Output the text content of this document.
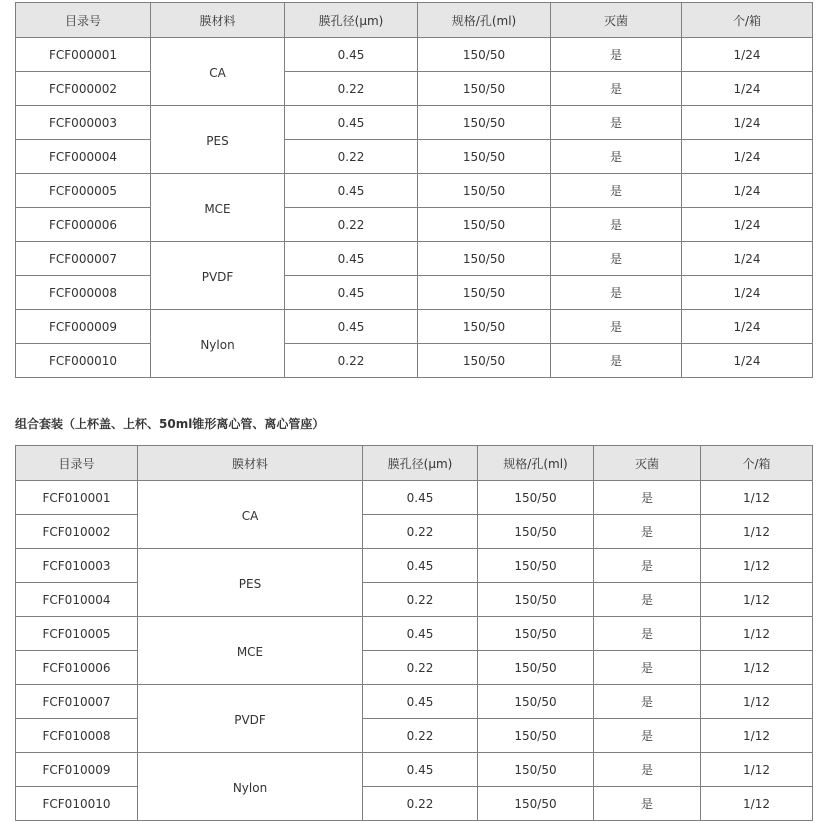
目录号	膜材料	膜孔径(μm)	规格/孔(ml)	灭菌	个/箱
FCF000001	CA	0.45	150/50	是	1/24
FCF000002		0.22	150/50	是	1/24
FCF000003	PES	0.45	150/50	是	1/24
FCF000004		0.22	150/50	是	1/24
FCF000005	MCE	0.45	150/50	是	1/24
FCF000006		0.22	150/50	是	1/24
FCF000007	PVDF	0.45	150/50	是	1/24
FCF000008		0.45	150/50	是	1/24
FCF000009	Nylon	0.45	150/50	是	1/24
FCF000010		0.22	150/50	是	1/24
组合套装（上杯盖、上杯、50ml锥形离心管、离心管座）
目录号	膜材料	膜孔径(μm)	规格/孔(ml)	灭菌	个/箱
FCF010001	CA	0.45	150/50	是	1/12
FCF010002		0.22	150/50	是	1/12
FCF010003	PES	0.45	150/50	是	1/12
FCF010004		0.22	150/50	是	1/12
FCF010005	MCE	0.45	150/50	是	1/12
FCF010006		0.22	150/50	是	1/12
FCF010007	PVDF	0.45	150/50	是	1/12
FCF010008		0.22	150/50	是	1/12
FCF010009	Nylon	0.45	150/50	是	1/12
FCF010010		0.22	150/50	是	1/12
